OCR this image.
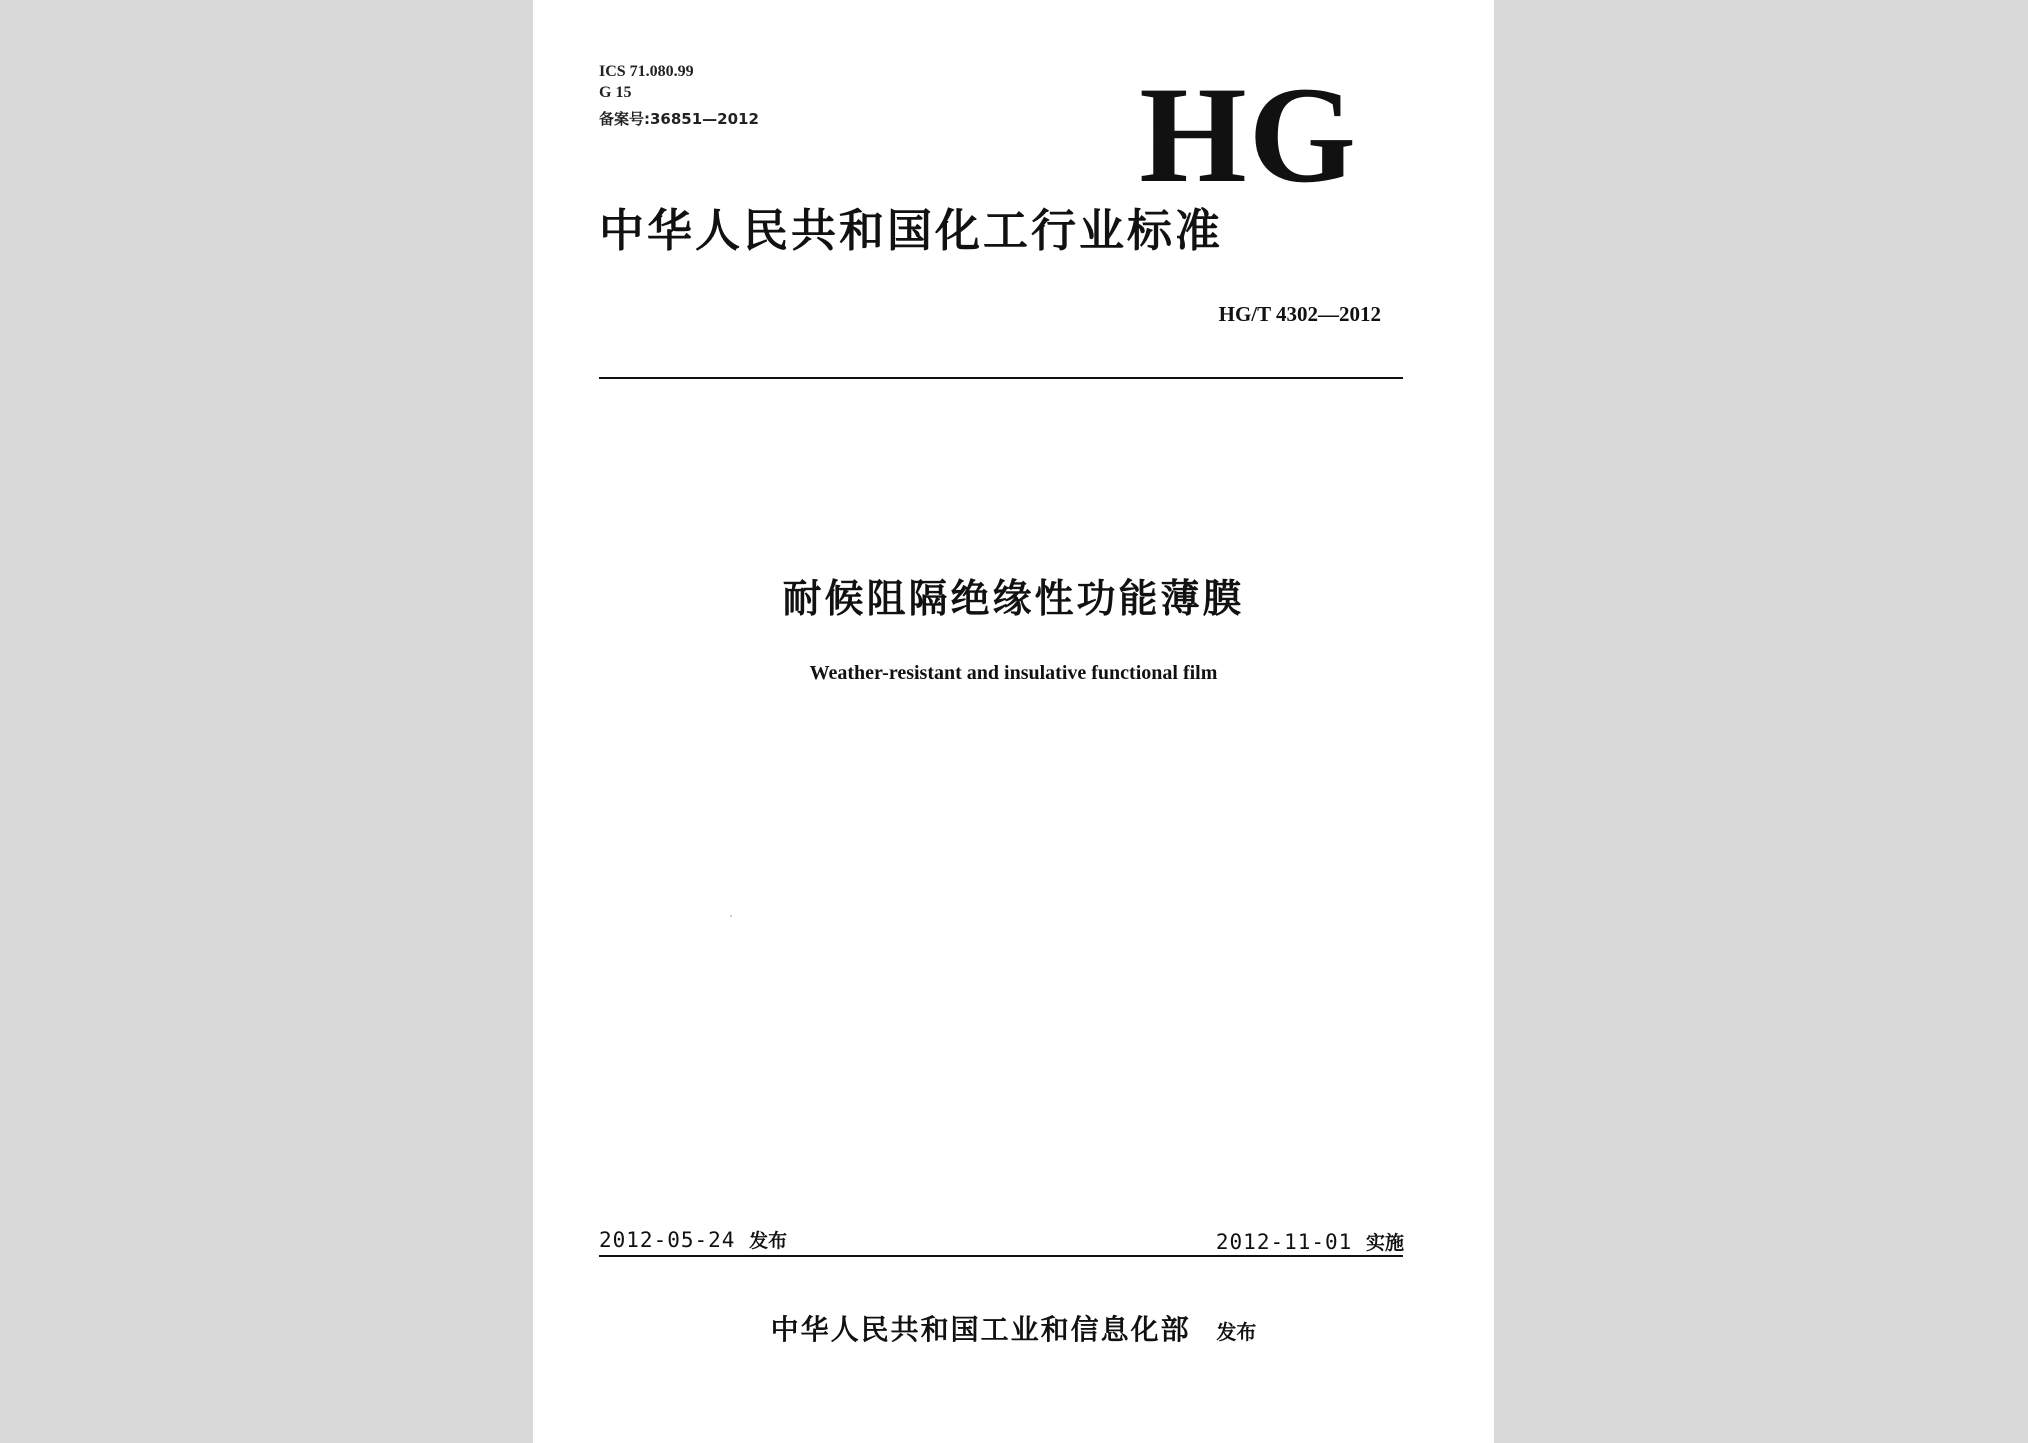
ICS 71.080.99
G 15
备案号:36851—2012	HG
中华人民共和国化工行业标准
HG/T 4302—2012
耐候阻隔绝缘性功能薄膜
Weather-resistant and insulative functional film
2012-05-24 发布	2012-11-01 实施
中华人民共和国工业和信息化部 发布
